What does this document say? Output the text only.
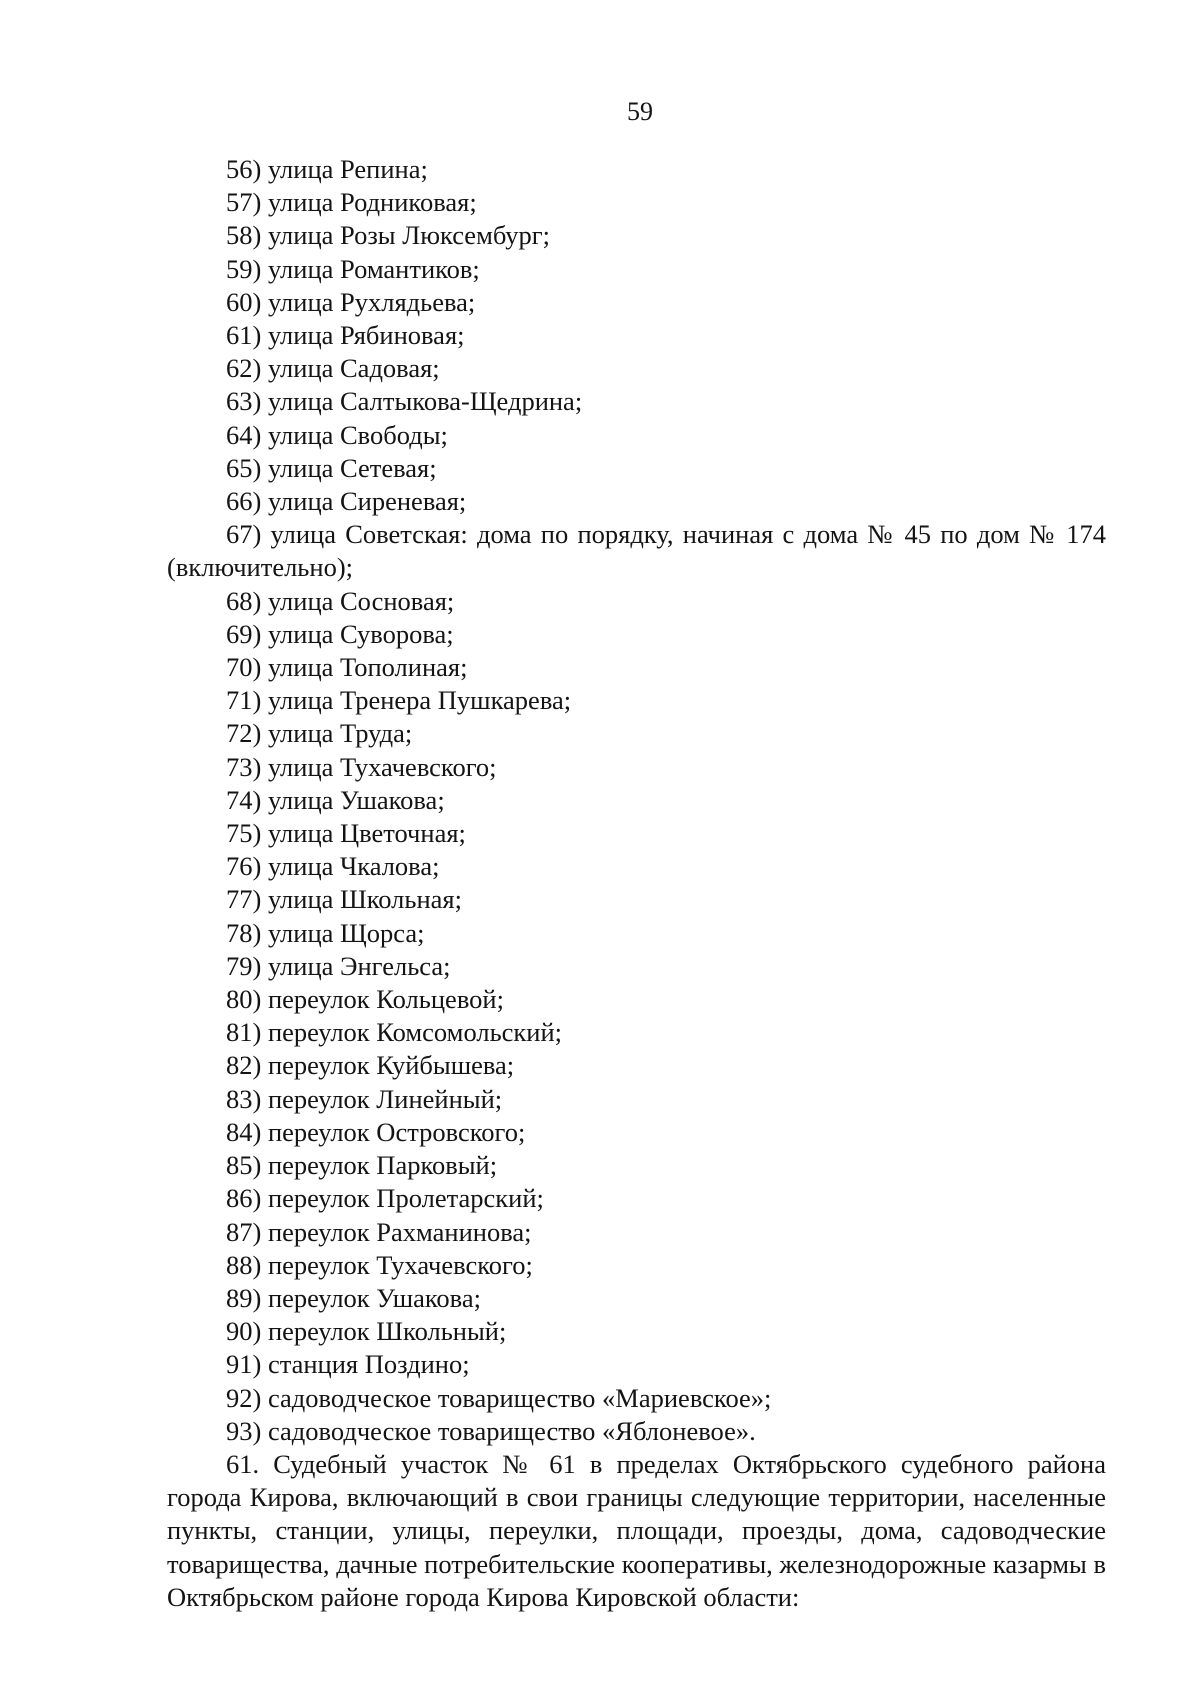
59
56) улица Репина;
57) улица Родниковая;
58) улица Розы Люксембург;
59) улица Романтиков;
60) улица Рухлядьева;
61) улица Рябиновая;
62) улица Садовая;
63) улица Салтыкова-Щедрина;
64) улица Свободы;
65) улица Сетевая;
66) улица Сиреневая;
67) улица Советская: дома по порядку, начиная с дома № 45 по дом № 174 (включительно);
68) улица Сосновая;
69) улица Суворова;
70) улица Тополиная;
71) улица Тренера Пушкарева;
72) улица Труда;
73) улица Тухачевского;
74) улица Ушакова;
75) улица Цветочная;
76) улица Чкалова;
77) улица Школьная;
78) улица Щорса;
79) улица Энгельса;
80) переулок Кольцевой;
81) переулок Комсомольский;
82) переулок Куйбышева;
83) переулок Линейный;
84) переулок Островского;
85) переулок Парковый;
86) переулок Пролетарский;
87) переулок Рахманинова;
88) переулок Тухачевского;
89) переулок Ушакова;
90) переулок Школьный;
91) станция Поздино;
92) садоводческое товарищество «Мариевское»;
93) садоводческое товарищество «Яблоневое».
61. Судебный участок № 61 в пределах Октябрьского судебного района города Кирова, включающий в свои границы следующие территории, населенные пункты, станции, улицы, переулки, площади, проезды, дома, садоводческие товарищества, дачные потребительские кооперативы, железнодорожные казармы в Октябрьском районе города Кирова Кировской области:
